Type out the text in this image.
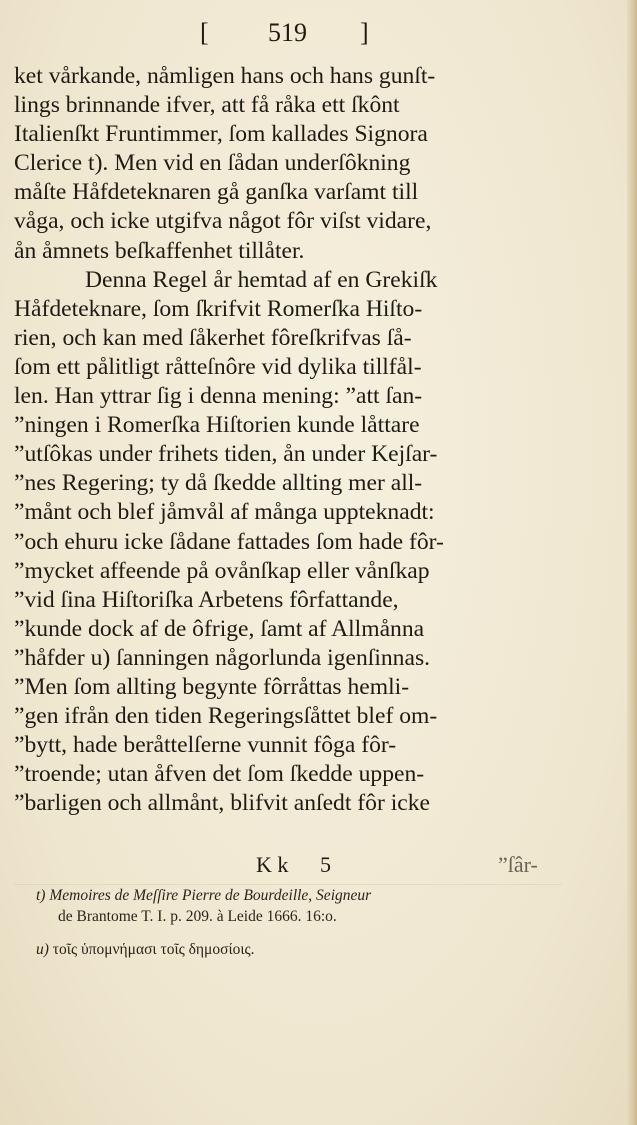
[ 519 ]
ket vårkande, nåmligen hans och hans gunſt-
lings brinnande ifver, att få råka ett ſkônt
Italienſkt Fruntimmer, ſom kallades Signora
Clerice t). Men vid en ſådan underſôkning
måſte Håfdeteknaren gå ganſka varſamt till
våga, och icke utgifva något fôr viſst vidare,
ån åmnets beſkaffenhet tillåter.
Denna Regel år hemtad af en Grekiſk
Håfdeteknare, ſom ſkrifvit Romerſka Hiſto-
rien, och kan med ſåkerhet fôreſkrifvas ſå-
ſom ett pålitligt råtteſnôre vid dylika tillfål-
len. Han yttrar ſig i denna mening: ”att ſan-
”ningen i Romerſka Hiſtorien kunde låttare
”utſôkas under frihets tiden, ån under Kejſar-
”nes Regering; ty då ſkedde allting mer all-
”månt och blef jåmvål af många uppteknadt:
”och ehuru icke ſådane fattades ſom hade fôr-
”mycket affeende på ovånſkap eller vånſkap
”vid ſina Hiſtoriſka Arbetens fôrfattande,
”kunde dock af de ôfrige, ſamt af Allmånna
”håfder u) ſanningen någorlunda igenſinnas.
”Men ſom allting begynte fôrråttas hemli-
”gen ifrån den tiden Regeringsſåttet blef om-
”bytt, hade beråttelſerne vunnit fôga fôr-
”troende; utan åfven det ſom ſkedde uppen-
”barligen och allmånt, blifvit anſedt fôr icke
K k 5	”ſâr-
t) Memoires de Meſſire Pierre de Bourdeille, Seigneur
de Brantome T. I. p. 209. à Leide 1666. 16:o.
u) τοῖς ὑπομνήμασι τοῖς δημοσίοις.
